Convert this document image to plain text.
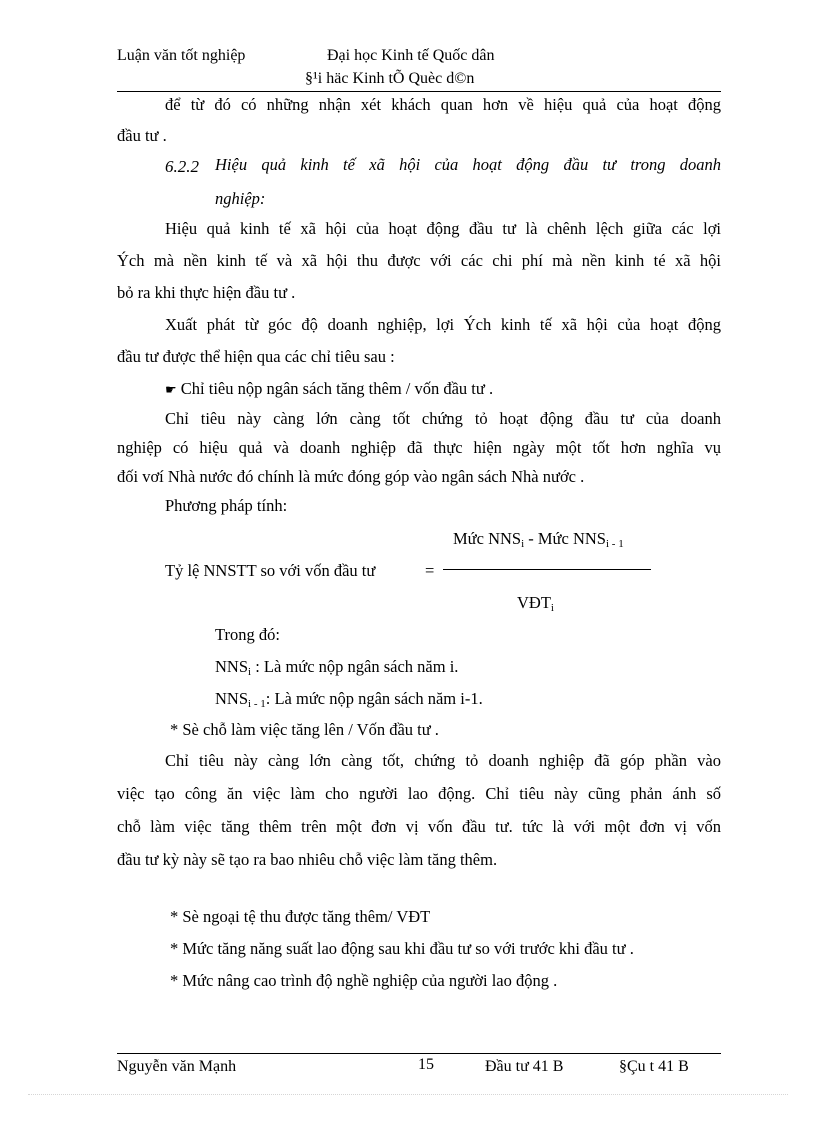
Luận văn tốt nghiệp	Đại học Kinh tế Quốc dân
§¹i häc Kinh tÕ Quèc d©n
để từ đó có những nhận xét khách quan hơn về hiệu quả của hoạt động
đầu tư .
6.2.2 Hiệu quả kinh tế xã hội của hoạt động đầu tư trong doanh
nghiệp:
Hiệu quả kinh tế xã hội của hoạt động đầu tư là chênh lệch giữa các lợi
Ých mà nền kinh tế và xã hội thu được với các chi phí mà nền kinh té xã hội
bỏ ra khi thực hiện đầu tư .
Xuất phát từ góc độ doanh nghiệp, lợi Ých kinh tế xã hội của hoạt động
đầu tư được thể hiện qua các chỉ tiêu sau :
☛ Chỉ tiêu nộp ngân sách tăng thêm / vốn đầu tư .
Chỉ tiêu này càng lớn càng tốt chứng tỏ hoạt động đầu tư của doanh
nghiệp có hiệu quả và doanh nghiệp đã thực hiện ngày một tốt hơn nghĩa vụ
đối vơí Nhà nước đó chính là mức đóng góp vào ngân sách Nhà nước .
Phương pháp tính:
Mức $NNS_i$ - Mức $NNS_{i - 1}$
Tỷ lệ NNSTT so với vốn đầu tư	=
$VĐT_i$
Trong đó:
$NNS_i$ : Là mức nộp ngân sách năm i.
$NNS_{i - 1}$: Là mức nộp ngân sách năm i-1.
* Sè chỗ làm việc tăng lên / Vốn đầu tư .
Chỉ tiêu này càng lớn càng tốt, chứng tỏ doanh nghiệp đã góp phần vào
việc tạo công ăn việc làm cho người lao động. Chỉ tiêu này cũng phản ánh số
chỗ làm việc tăng thêm trên một đơn vị vốn đầu tư. tức là với một đơn vị vốn
đầu tư kỳ này sẽ tạo ra bao nhiêu chỗ việc làm tăng thêm.
* Sè ngoại tệ thu được tăng thêm/ VĐT
* Mức tăng năng suất lao động sau khi đầu tư so với trước khi đầu tư .
* Mức nâng cao trình độ nghề nghiệp của người lao động .
Nguyễn văn Mạnh	15	Đầu tư 41 B	§Çu t 41 B
